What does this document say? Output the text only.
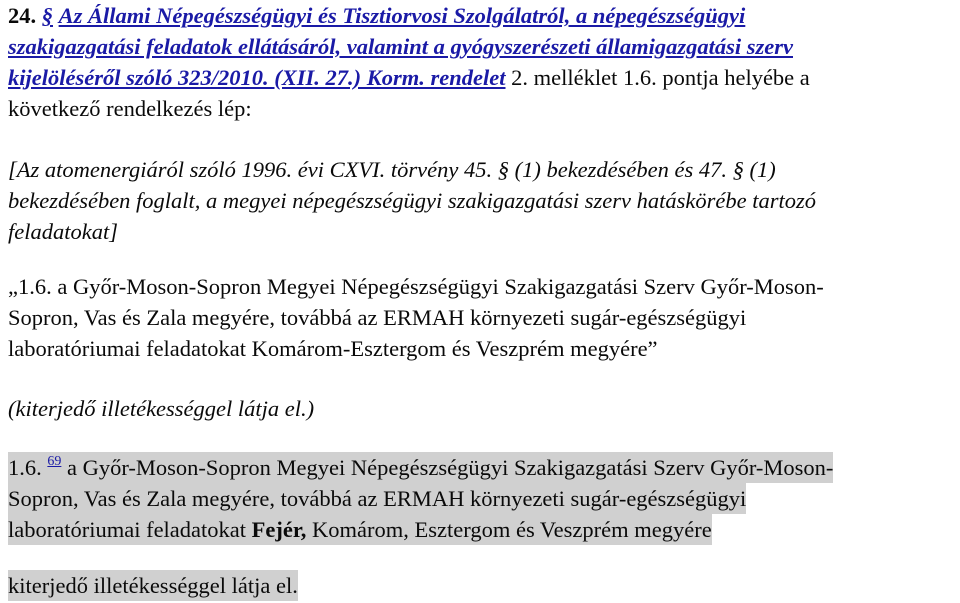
24. § Az Állami Népegészségügyi és Tisztiorvosi Szolgálatról, a népegészségügyi
szakigazgatási feladatok ellátásáról, valamint a gyógyszerészeti államigazgatási szerv
kijelöléséről szóló 323/2010. (XII. 27.) Korm. rendelet 2. melléklet 1.6. pontja helyébe a
következő rendelkezés lép:
[Az atomenergiáról szóló 1996. évi CXVI. törvény 45. § (1) bekezdésében és 47. § (1)
bekezdésében foglalt, a megyei népegészségügyi szakigazgatási szerv hatáskörébe tartozó
feladatokat]
„1.6. a Győr-Moson-Sopron Megyei Népegészségügyi Szakigazgatási Szerv Győr-Moson-
Sopron, Vas és Zala megyére, továbbá az ERMAH környezeti sugár-egészségügyi
laboratóriumai feladatokat Komárom-Esztergom és Veszprém megyére”
(kiterjedő illetékességgel látja el.)
1.6. $^{69}$ a Győr-Moson-Sopron Megyei Népegészségügyi Szakigazgatási Szerv Győr-Moson-
Sopron, Vas és Zala megyére, továbbá az ERMAH környezeti sugár-egészségügyi
laboratóriumai feladatokat Fejér, Komárom, Esztergom és Veszprém megyére
kiterjedő illetékességgel látja el.
